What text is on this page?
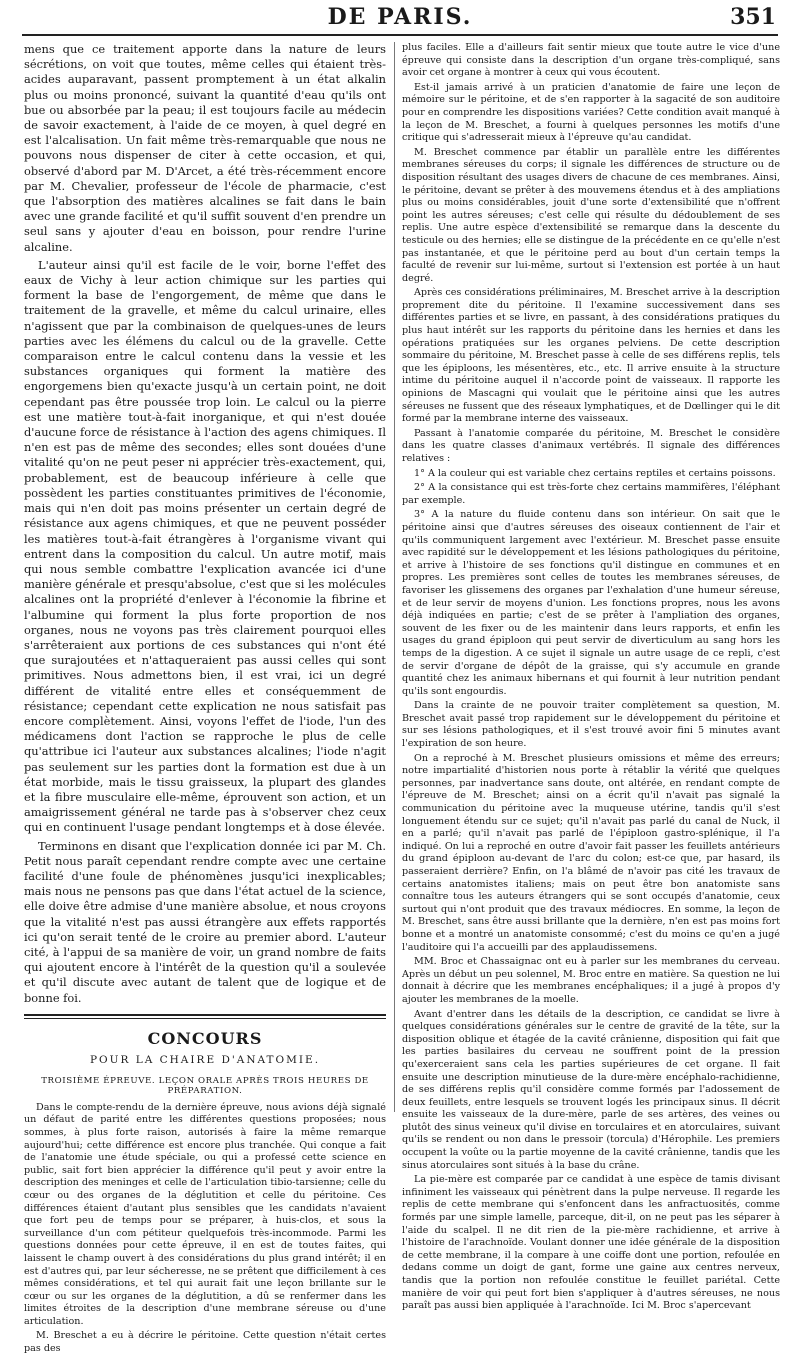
DE PARIS.	351

mens que ce traitement apporte dans la nature de leurs sécrétions, on voit que toutes, même celles qui étaient très-acides auparavant, passent promptement à un état alkalin plus ou moins prononcé, suivant la quantité d'eau qu'ils ont bue ou absorbée par la peau; il est toujours facile au médecin de savoir exactement, à l'aide de ce moyen, à quel degré en est l'alcalisation. Un fait même très-remarquable que nous ne pouvons nous dispenser de citer à cette occasion, et qui, observé d'abord par M. D'Arcet, a été très-récemment encore par M. Chevalier, professeur de l'école de pharmacie, c'est que l'absorption des matières alcalines se fait dans le bain avec une grande facilité et qu'il suffit souvent d'en prendre un seul sans y ajouter d'eau en boisson, pour rendre l'urine alcaline.

L'auteur ainsi qu'il est facile de le voir, borne l'effet des eaux de Vichy à leur action chimique sur les parties qui forment la base de l'engorgement, de même que dans le traitement de la gravelle, et même du calcul urinaire, elles n'agissent que par la combinaison de quelques-unes de leurs parties avec les élémens du calcul ou de la gravelle. Cette comparaison entre le calcul contenu dans la vessie et les substances organiques qui forment la matière des engorgemens bien qu'exacte jusqu'à un certain point, ne doit cependant pas être poussée trop loin. Le calcul ou la pierre est une matière tout-à-fait inorganique, et qui n'est douée d'aucune force de résistance à l'action des agens chimiques. Il n'en est pas de même des secondes; elles sont douées d'une vitalité qu'on ne peut peser ni apprécier très-exactement, qui, probablement, est de beaucoup inférieure à celle que possèdent les parties constituantes primitives de l'économie, mais qui n'en doit pas moins présenter un certain degré de résistance aux agens chimiques, et que ne peuvent posséder les matières tout-à-fait étrangères à l'organisme vivant qui entrent dans la composition du calcul. Un autre motif, mais qui nous semble combattre l'explication avancée ici d'une manière générale et presqu'absolue, c'est que si les molécules alcalines ont la propriété d'enlever à l'économie la fibrine et l'albumine qui forment la plus forte proportion de nos organes, nous ne voyons pas très clairement pourquoi elles s'arrêteraient aux portions de ces substances qui n'ont été que surajoutées et n'attaqueraient pas aussi celles qui sont primitives. Nous admettons bien, il est vrai, ici un degré différent de vitalité entre elles et conséquemment de résistance; cependant cette explication ne nous satisfait pas encore complètement. Ainsi, voyons l'effet de l'iode, l'un des médicamens dont l'action se rapproche le plus de celle qu'attribue ici l'auteur aux substances alcalines; l'iode n'agit pas seulement sur les parties dont la formation est due à un état morbide, mais le tissu graisseux, la plupart des glandes et la fibre musculaire elle-même, éprouvent son action, et un amaigrissement général ne tarde pas à s'observer chez ceux qui en continuent l'usage pendant longtemps et à dose élevée.

Terminons en disant que l'explication donnée ici par M. Ch. Petit nous paraît cependant rendre compte avec une certaine facilité d'une foule de phénomènes jusqu'ici inexplicables; mais nous ne pensons pas que dans l'état actuel de la science, elle doive être admise d'une manière absolue, et nous croyons que la vitalité n'est pas aussi étrangère aux effets rapportés ici qu'on serait tenté de le croire au premier abord. L'auteur cité, à l'appui de sa manière de voir, un grand nombre de faits qui ajoutent encore à l'intérêt de la question qu'il a soulevée et qu'il discute avec autant de talent que de logique et de bonne foi.

CONCOURS
POUR LA CHAIRE D'ANATOMIE.
TROISIÈME ÉPREUVE. LEÇON ORALE APRÈS TROIS HEURES DE PRÉPARATION.

Dans le compte-rendu de la dernière épreuve, nous avions déjà signalé un défaut de parité entre les différentes questions proposées; nous sommes, à plus forte raison, autorisés à faire la même remarque aujourd'hui; cette différence est encore plus tranchée. Qui conque a fait de l'anatomie une étude spéciale, ou qui a professé cette science en public, sait fort bien apprécier la différence qu'il peut y avoir entre la description des meninges et celle de l'articulation tibio-tarsienne; celle du cœur ou des organes de la déglutition et celle du péritoine. Ces différences étaient d'autant plus sensibles que les candidats n'avaient que fort peu de temps pour se préparer, à huis-clos, et sous la surveillance d'un com pétiteur quelquefois très-incommode. Parmi les questions données pour cette épreuve, il en est de toutes faites, qui laissent le champ ouvert à des considérations du plus grand intérêt; il en est d'autres qui, par leur sécheresse, ne se prêtent que difficilement à ces mêmes considérations, et tel qui aurait fait une leçon brillante sur le cœur ou sur les organes de la déglutition, a dû se renfermer dans les limites étroites de la description d'une membrane séreuse ou d'une articulation.

M. Breschet a eu à décrire le péritoine. Cette question n'était certes pas des

plus faciles. Elle a d'ailleurs fait sentir mieux que toute autre le vice d'une épreuve qui consiste dans la description d'un organe très-compliqué, sans avoir cet organe à montrer à ceux qui vous écoutent.

Est-il jamais arrivé à un praticien d'anatomie de faire une leçon de mémoire sur le péritoine, et de s'en rapporter à la sagacité de son auditoire pour en comprendre les dispositions variées? Cette condition avait manqué à la leçon de M. Breschet, a fourni à quelques personnes les motifs d'une critique qui s'adresserait mieux à l'épreuve qu'au candidat.

M. Breschet commence par établir un parallèle entre les différentes membranes séreuses du corps; il signale les différences de structure ou de disposition résultant des usages divers de chacune de ces membranes. Ainsi, le péritoine, devant se prêter à des mouvemens étendus et à des ampliations plus ou moins considérables, jouit d'une sorte d'extensibilité que n'offrent point les autres séreuses; c'est celle qui résulte du dédoublement de ses replis. Une autre espèce d'extensibilité se remarque dans la descente du testicule ou des hernies; elle se distingue de la précédente en ce qu'elle n'est pas instantanée, et que le péritoine perd au bout d'un certain temps la faculté de revenir sur lui-même, surtout si l'extension est portée à un haut degré.

Après ces considérations préliminaires, M. Breschet arrive à la description proprement dite du péritoine. Il l'examine successivement dans ses différentes parties et se livre, en passant, à des considérations pratiques du plus haut intérêt sur les rapports du péritoine dans les hernies et dans les opérations pratiquées sur les organes pelviens. De cette description sommaire du péritoine, M. Breschet passe à celle de ses différens replis, tels que les épiploons, les mésentères, etc., etc. Il arrive ensuite à la structure intime du péritoine auquel il n'accorde point de vaisseaux. Il rapporte les opinions de Mascagni qui voulait que le péritoine ainsi que les autres séreuses ne fussent que des réseaux lymphatiques, et de Dœllinger qui le dit formé par la membrane interne des vaisseaux.

Passant à l'anatomie comparée du péritoine, M. Breschet le considère dans les quatre classes d'animaux vertébrés. Il signale des différences relatives :

1° A la couleur qui est variable chez certains reptiles et certains poissons.

2° A la consistance qui est très-forte chez certains mammifères, l'éléphant par exemple.

3° A la nature du fluide contenu dans son intérieur. On sait que le péritoine ainsi que d'autres séreuses des oiseaux contiennent de l'air et qu'ils communiquent largement avec l'extérieur. M. Breschet passe ensuite avec rapidité sur le développement et les lésions pathologiques du péritoine, et arrive à l'histoire de ses fonctions qu'il distingue en communes et en propres. Les premières sont celles de toutes les membranes séreuses, de favoriser les glissemens des organes par l'exhalation d'une humeur séreuse, et de leur servir de moyens d'union. Les fonctions propres, nous les avons déjà indiquées en partie; c'est de se prêter à l'ampliation des organes, souvent de les fixer ou de les maintenir dans leurs rapports, et enfin les usages du grand épiploon qui peut servir de diverticulum au sang hors les temps de la digestion. A ce sujet il signale un autre usage de ce repli, c'est de servir d'organe de dépôt de la graisse, qui s'y accumule en grande quantité chez les animaux hibernans et qui fournit à leur nutrition pendant qu'ils sont engourdis.

Dans la crainte de ne pouvoir traiter complètement sa question, M. Breschet avait passé trop rapidement sur le développement du péritoine et sur ses lésions pathologiques, et il s'est trouvé avoir fini 5 minutes avant l'expiration de son heure.

On a reproché à M. Breschet plusieurs omissions et même des erreurs; notre impartialité d'historien nous porte à rétablir la vérité que quelques personnes, par inadvertance sans doute, ont altérée, en rendant compte de l'épreuve de M. Breschet; ainsi on a écrit qu'il n'avait pas signalé la communication du péritoine avec la muqueuse utérine, tandis qu'il s'est longuement étendu sur ce sujet; qu'il n'avait pas parlé du canal de Nuck, il en a parlé; qu'il n'avait pas parlé de l'épiploon gastro-splénique, il l'a indiqué. On lui a reproché en outre d'avoir fait passer les feuillets antérieurs du grand épiploon au-devant de l'arc du colon; est-ce que, par hasard, ils passeraient derrière? Enfin, on l'a blâmé de n'avoir pas cité les travaux de certains anatomistes italiens; mais on peut être bon anatomiste sans connaître tous les auteurs étrangers qui se sont occupés d'anatomie, ceux surtout qui n'ont produit que des travaux médiocres. En somme, la leçon de M. Breschet, sans être aussi brillante que la dernière, n'en est pas moins fort bonne et a montré un anatomiste consommé; c'est du moins ce qu'en a jugé l'auditoire qui l'a accueilli par des applaudissemens.

MM. Broc et Chassaignac ont eu à parler sur les membranes du cerveau. Après un début un peu solennel, M. Broc entre en matière. Sa question ne lui donnait à décrire que les membranes encéphaliques; il a jugé à propos d'y ajouter les membranes de la moelle.

Avant d'entrer dans les détails de la description, ce candidat se livre à quelques considérations générales sur le centre de gravité de la tête, sur la disposition oblique et étagée de la cavité crânienne, disposition qui fait que les parties basilaires du cerveau ne souffrent point de la pression qu'exerceraient sans cela les parties supérieures de cet organe. Il fait ensuite une description minutieuse de la dure-mère encéphalo-rachidienne, de ses différens replis qu'il considère comme formés par l'adossement de deux feuillets, entre lesquels se trouvent logés les principaux sinus. Il décrit ensuite les vaisseaux de la dure-mère, parle de ses artères, des veines ou plutôt des sinus veineux qu'il divise en torculaires et en atorculaires, suivant qu'ils se rendent ou non dans le pressoir (torcula) d'Hérophile. Les premiers occupent la voûte ou la partie moyenne de la cavité crânienne, tandis que les sinus atorculaires sont situés à la base du crâne.

La pie-mère est comparée par ce candidat à une espèce de tamis divisant infiniment les vaisseaux qui pénètrent dans la pulpe nerveuse. Il regarde les replis de cette membrane qui s'enfoncent dans les anfractuosités, comme formés par une simple lamelle, parceque, dit-il, on ne peut pas les séparer à l'aide du scalpel. Il ne dit rien de la pie-mère rachidienne, et arrive à l'histoire de l'arachnoïde. Voulant donner une idée générale de la disposition de cette membrane, il la compare à une coiffe dont une portion, refoulée en dedans comme un doigt de gant, forme une gaine aux centres nerveux, tandis que la portion non refoulée constitue le feuillet pariétal. Cette manière de voir qui peut fort bien s'appliquer à d'autres séreuses, ne nous paraît pas aussi bien appliquée à l'arachnoïde. Ici M. Broc s'apercevant
